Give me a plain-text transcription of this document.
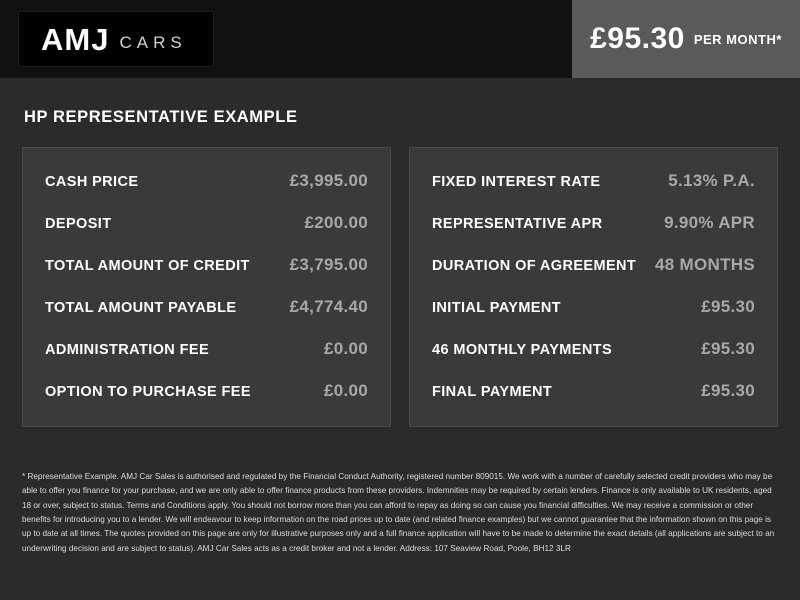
AMJ CARS	£95.30 PER MONTH*
HP REPRESENTATIVE EXAMPLE
CASH PRICE	£3,995.00
DEPOSIT	£200.00
TOTAL AMOUNT OF CREDIT £3,795.00
TOTAL AMOUNT PAYABLE	£4,774.40
ADMINISTRATION FEE	£0.00
OPTION TO PURCHASE FEE	£0.00
FIXED INTEREST RATE	5.13% P.A.
REPRESENTATIVE APR	9.90% APR
DURATION OF AGREEMENT 48 MONTHS
INITIAL PAYMENT	£95.30
46 MONTHLY PAYMENTS	£95.30
FINAL PAYMENT	£95.30
* Representative Example. AMJ Car Sales is authorised and regulated by the Financial Conduct Authority, registered number 809015. We work with a number of carefully selected credit providers who may be able to offer you finance for your purchase, and we are only able to offer finance products from these providers. Indemnities may be required by certain lenders. Finance is only available to UK residents, aged 18 or over, subject to status. Terms and Conditions apply. You should not borrow more than you can afford to repay as doing so can cause you financial difficulties. We may receive a commission or other benefits for introducing you to a lender. We will endeavour to keep information on the road prices up to date (and related finance examples) but we cannot guarantee that the information shown on this page is up to date at all times. The quotes provided on this page are only for illustrative purposes only and a full finance application will have to be made to determine the exact details (all applications are subject to an underwriting decision and are subject to status). AMJ Car Sales acts as a credit broker and not a lender. Address: 107 Seaview Road, Poole, BH12 3LR
